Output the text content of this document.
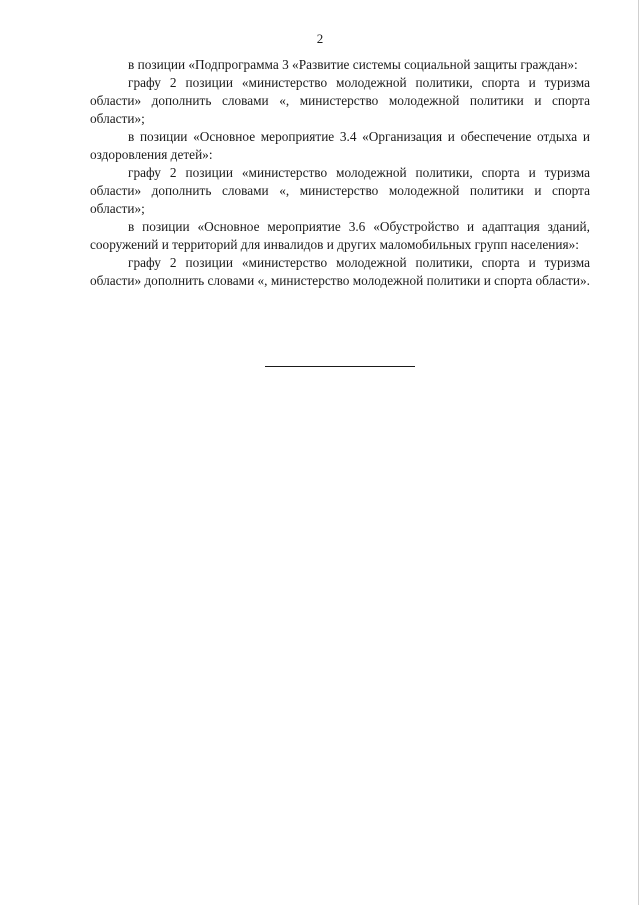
2

в позиции «Подпрограмма 3 «Развитие системы социальной защиты граждан»:

графу 2 позиции «министерство молодежной политики, спорта и туризма области» дополнить словами «, министерство молодежной политики и спорта области»;

в позиции «Основное мероприятие 3.4 «Организация и обеспечение отдыха и оздоровления детей»:

графу 2 позиции «министерство молодежной политики, спорта и туризма области» дополнить словами «, министерство молодежной политики и спорта области»;

в позиции «Основное мероприятие 3.6 «Обустройство и адаптация зданий, сооружений и территорий для инвалидов и других маломобильных групп населения»:

графу 2 позиции «министерство молодежной политики, спорта и туризма области» дополнить словами «, министерство молодежной политики и спорта области».
